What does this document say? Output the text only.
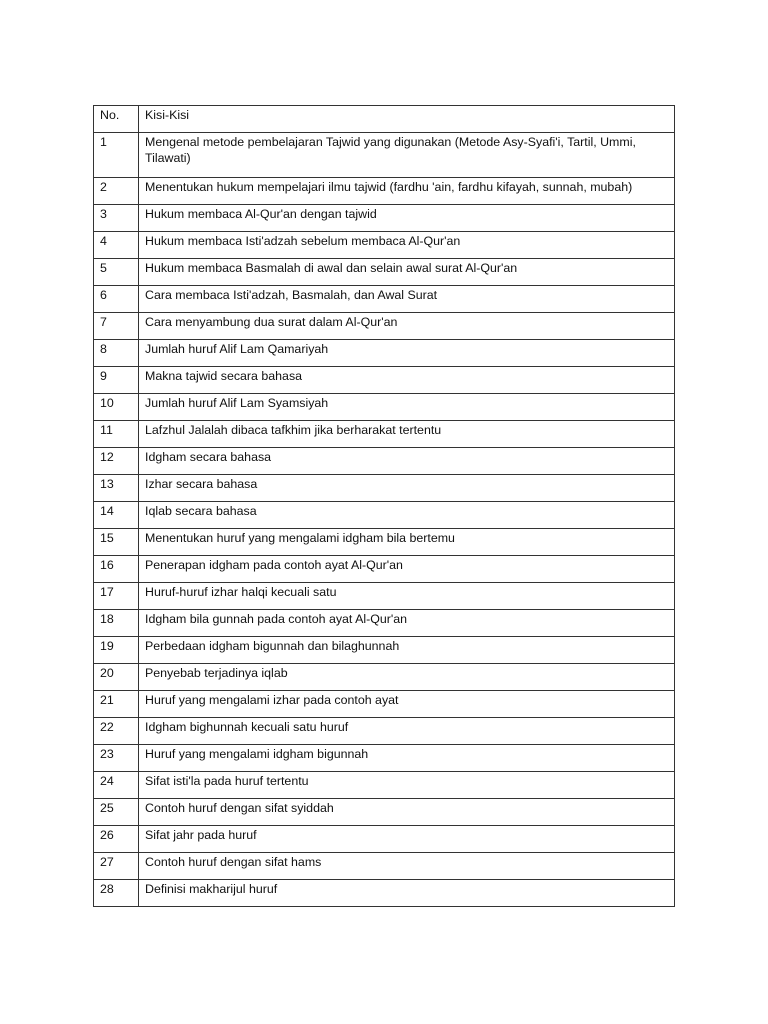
No.	Kisi-Kisi
1	Mengenal metode pembelajaran Tajwid yang digunakan (Metode Asy-Syafi'i, Tartil, Ummi, Tilawati)
2	Menentukan hukum mempelajari ilmu tajwid (fardhu 'ain, fardhu kifayah, sunnah, mubah)
3	Hukum membaca Al-Qur'an dengan tajwid
4	Hukum membaca Isti'adzah sebelum membaca Al-Qur'an
5	Hukum membaca Basmalah di awal dan selain awal surat Al-Qur'an
6	Cara membaca Isti'adzah, Basmalah, dan Awal Surat
7	Cara menyambung dua surat dalam Al-Qur'an
8	Jumlah huruf Alif Lam Qamariyah
9	Makna tajwid secara bahasa
10	Jumlah huruf Alif Lam Syamsiyah
11	Lafzhul Jalalah dibaca tafkhim jika berharakat tertentu
12	Idgham secara bahasa
13	Izhar secara bahasa
14	Iqlab secara bahasa
15	Menentukan huruf yang mengalami idgham bila bertemu
16	Penerapan idgham pada contoh ayat Al-Qur'an
17	Huruf-huruf izhar halqi kecuali satu
18	Idgham bila gunnah pada contoh ayat Al-Qur'an
19	Perbedaan idgham bigunnah dan bilaghunnah
20	Penyebab terjadinya iqlab
21	Huruf yang mengalami izhar pada contoh ayat
22	Idgham bighunnah kecuali satu huruf
23	Huruf yang mengalami idgham bigunnah
24	Sifat isti'la pada huruf tertentu
25	Contoh huruf dengan sifat syiddah
26	Sifat jahr pada huruf
27	Contoh huruf dengan sifat hams
28	Definisi makharijul huruf
